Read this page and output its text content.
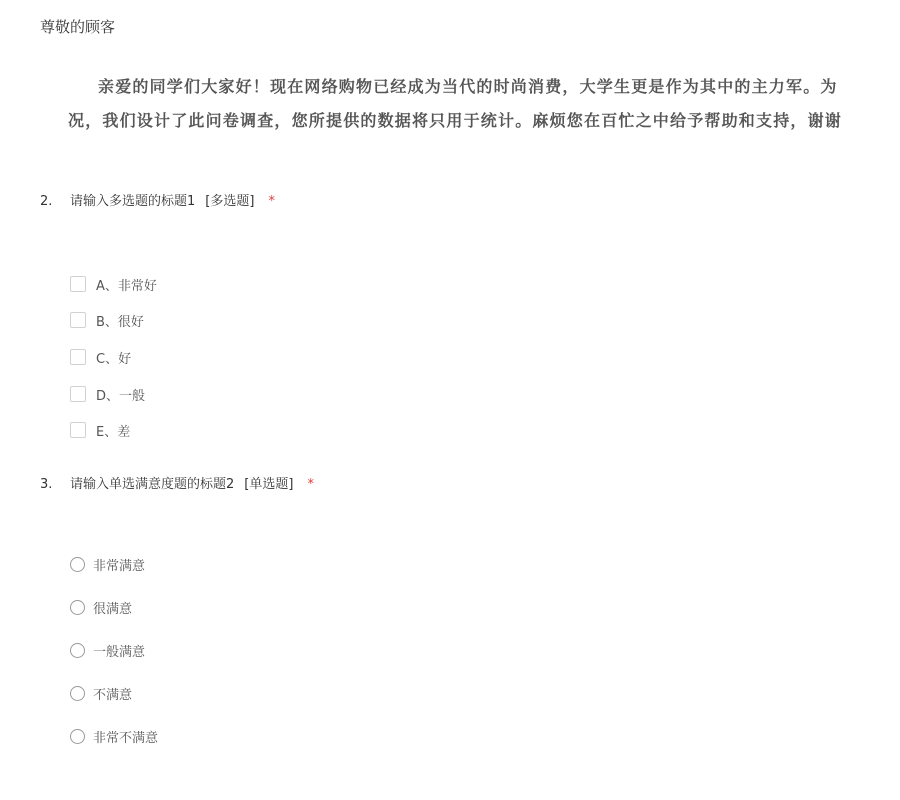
尊敬的顾客
亲爱的同学们大家好！现在网络购物已经成为当代的时尚消费，大学生更是作为其中的主力军。为
况，我们设计了此问卷调查，您所提供的数据将只用于统计。麻烦您在百忙之中给予帮助和支持，谢谢
2. 请输入多选题的标题1 [多选题] *
A、非常好
B、很好
C、好
D、一般
E、差
3. 请输入单选满意度题的标题2 [单选题] *
非常满意
很满意
一般满意
不满意
非常不满意
